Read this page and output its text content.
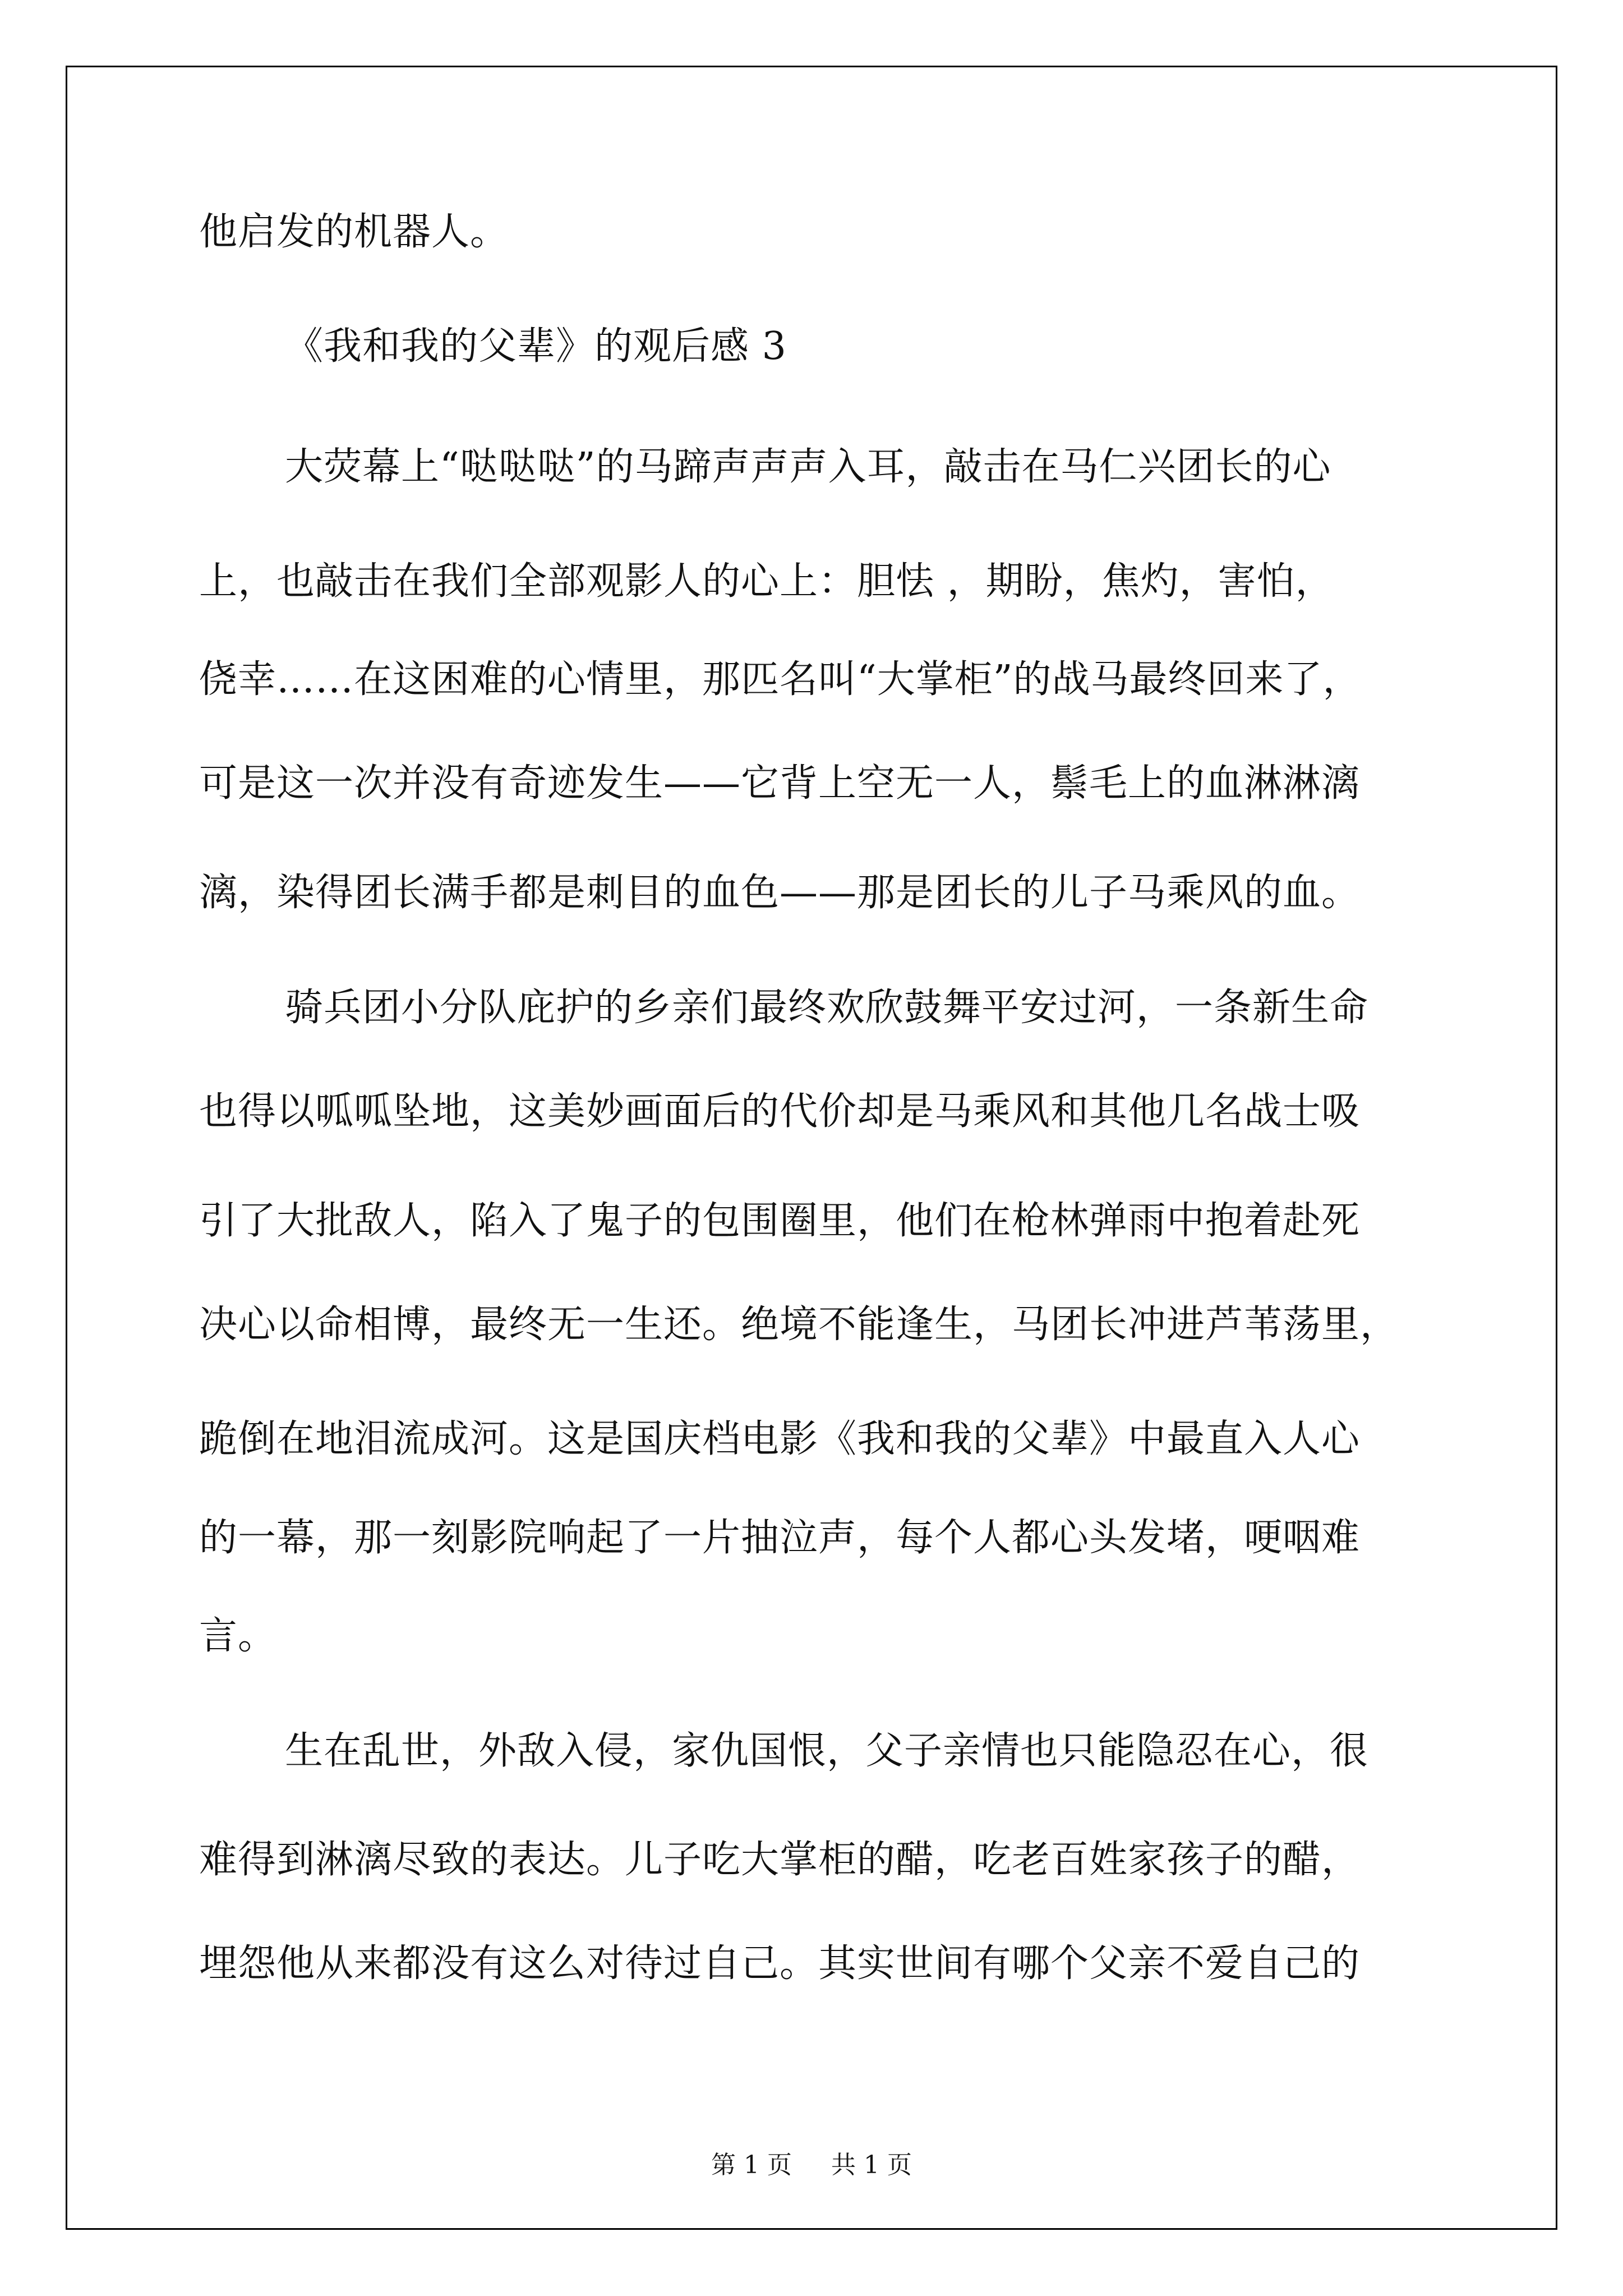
他启发的机器人。
《我和我的父辈》的观后感 3
大荧幕上“哒哒哒”的马蹄声声声入耳，敲击在马仁兴团长的心
上，也敲击在我们全部观影人的心上：胆怯 ，期盼，焦灼，害怕，
侥幸……在这困难的心情里，那匹名叫“大掌柜”的战马最终回来了，
可是这一次并没有奇迹发生——它背上空无一人，鬃毛上的血淋淋漓
漓，染得团长满手都是刺目的血色——那是团长的儿子马乘风的血。
骑兵团小分队庇护的乡亲们最终欢欣鼓舞平安过河，一条新生命
也得以呱呱坠地，这美妙画面后的代价却是马乘风和其他几名战士吸
引了大批敌人，陷入了鬼子的包围圈里，他们在枪林弹雨中抱着赴死
决心以命相博，最终无一生还。绝境不能逢生，马团长冲进芦苇荡里，
跪倒在地泪流成河。这是国庆档电影《我和我的父辈》中最直入人心
的一幕，那一刻影院响起了一片抽泣声，每个人都心头发堵，哽咽难
言。
生在乱世，外敌入侵，家仇国恨，父子亲情也只能隐忍在心，很
难得到淋漓尽致的表达。儿子吃大掌柜的醋，吃老百姓家孩子的醋，
埋怨他从来都没有这么对待过自己。其实世间有哪个父亲不爱自己的
第 1 页 共 1 页
